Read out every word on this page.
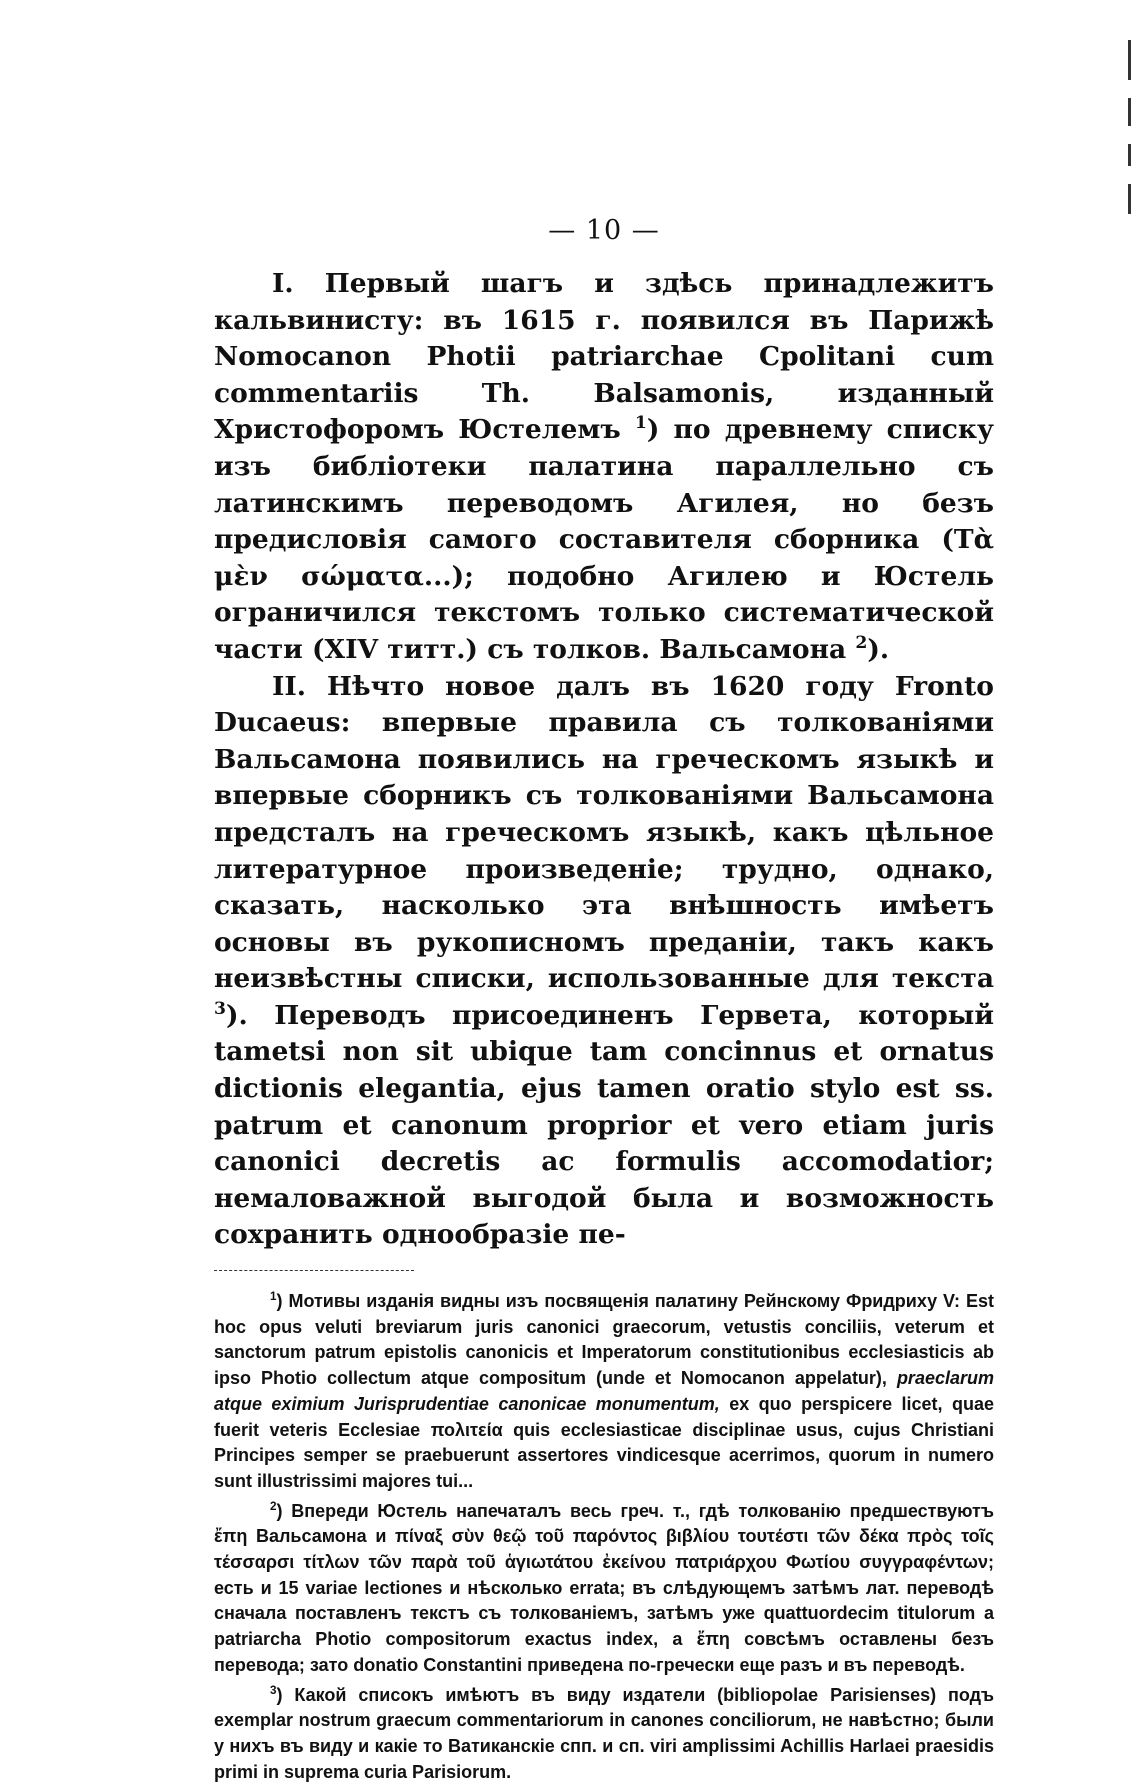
— 10 —

I. Первый шагъ и здѣсь принадлежитъ кальвинисту: въ 1615 г. появился въ Парижѣ Nomocanon Photii patriarchae Cpolitani cum commentariis Th. Balsamonis, изданный Христофоромъ Юстелемъ $^1$) по древнему списку изъ библіотеки палатина параллельно съ латинскимъ переводомъ Агилея, но безъ предисловія самого составителя сборника (Τὰ μὲν σώματα...); подобно Агилею и Юстель ограничился текстомъ только систематической части (XIV титт.) съ толков. Вальсамона $^2$).

II. Нѣчто новое далъ въ 1620 году Fronto Ducaeus: впервые правила съ толкованіями Вальсамона появились на греческомъ языкѣ и впервые сборникъ съ толкованіями Вальсамона предсталъ на греческомъ языкѣ, какъ цѣльное литературное произведеніе; трудно, однако, сказать, насколько эта внѣшность имѣетъ основы въ рукописномъ преданіи, такъ какъ неизвѣстны списки, использованные для текста $^3$). Переводъ присоединенъ Гервета, который tametsi non sit ubique tam concinnus et ornatus dictionis elegantia, ejus tamen oratio stylo est ss. patrum et canonum proprior et vero etiam juris canonici decretis ac formulis accomodatior; немаловажной выгодой была и возможность сохранить однообразіе пе-

$^1$) Мотивы изданія видны изъ посвященія палатину Рейнскому Фридриху V: Est hoc opus veluti breviarum juris canonici graecorum, vetustis conciliis, veterum et sanctorum patrum epistolis canonicis et Imperatorum constitutionibus ecclesiasticis ab ipso Photio collectum atque compositum (unde et Nomocanon appelatur), praeclarum atque eximium Jurisprudentiae canonicae monumentum, ex quo perspicere licet, quae fuerit veteris Ecclesiae πολιτεία quis ecclesiasticae disciplinae usus, cujus Christiani Principes semper se praebuerunt assertores vindicesque acerrimos, quorum in numero sunt illustrissimi majores tui...

$^2$) Впереди Юстель напечаталъ весь греч. т., гдѣ толкованію предшествуютъ ἔπη Вальсамона и πίναξ σὺν θεῷ τοῦ παρόντος βιβλίου τουτέστι τῶν δέκα πρὸς τοῖς τέσσαρσι τίτλων τῶν παρὰ τοῦ ἁγιωτάτου ἐκείνου πατριάρχου Φωτίου συγγραφέντων; есть и 15 variae lectiones и нѣсколько errata; въ слѣдующемъ затѣмъ лат. переводѣ сначала поставленъ текстъ съ толкованіемъ, затѣмъ уже quattuordecim titulorum a patriarcha Photio compositorum exactus index, а ἔπη совсѣмъ оставлены безъ перевода; зато donatio Constantini приведена по-гречески еще разъ и въ переводѣ.

$^3$) Какой списокъ имѣютъ въ виду издатели (bibliopolae Parisienses) подъ exemplar nostrum graecum commentariorum in canones conciliorum, не навѣстно; были у нихъ въ виду и какіе то Ватиканскіе спп. и сп. viri amplissimi Achillis Harlaei praesidis primi in suprema curia Parisiorum.
